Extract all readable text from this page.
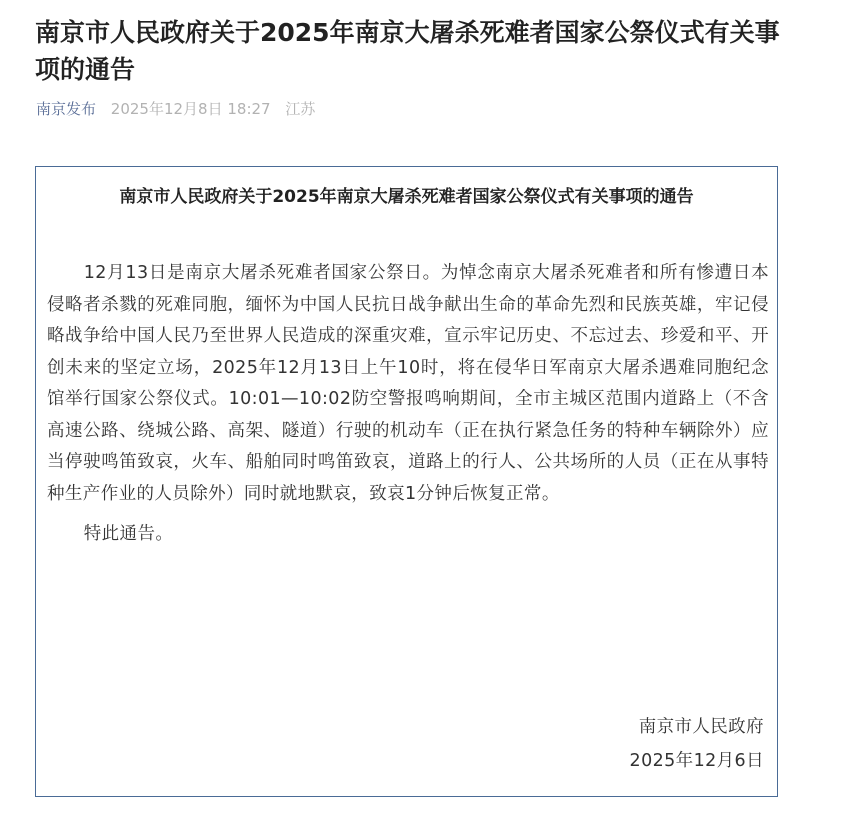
南京市人民政府关于2025年南京大屠杀死难者国家公祭仪式有关事项的通告
南京发布 2025年12月8日 18:27 江苏
南京市人民政府关于2025年南京大屠杀死难者国家公祭仪式有关事项的通告

12月13日是南京大屠杀死难者国家公祭日。为悼念南京大屠杀死难者和所有惨遭日本侵略者杀戮的死难同胞，缅怀为中国人民抗日战争献出生命的革命先烈和民族英雄，牢记侵略战争给中国人民乃至世界人民造成的深重灾难，宣示牢记历史、不忘过去、珍爱和平、开创未来的坚定立场，2025年12月13日上午10时，将在侵华日军南京大屠杀遇难同胞纪念馆举行国家公祭仪式。10:01—10:02防空警报鸣响期间，全市主城区范围内道路上（不含高速公路、绕城公路、高架、隧道）行驶的机动车（正在执行紧急任务的特种车辆除外）应当停驶鸣笛致哀，火车、船舶同时鸣笛致哀，道路上的行人、公共场所的人员（正在从事特种生产作业的人员除外）同时就地默哀，致哀1分钟后恢复正常。

特此通告。

南京市人民政府
2025年12月6日
